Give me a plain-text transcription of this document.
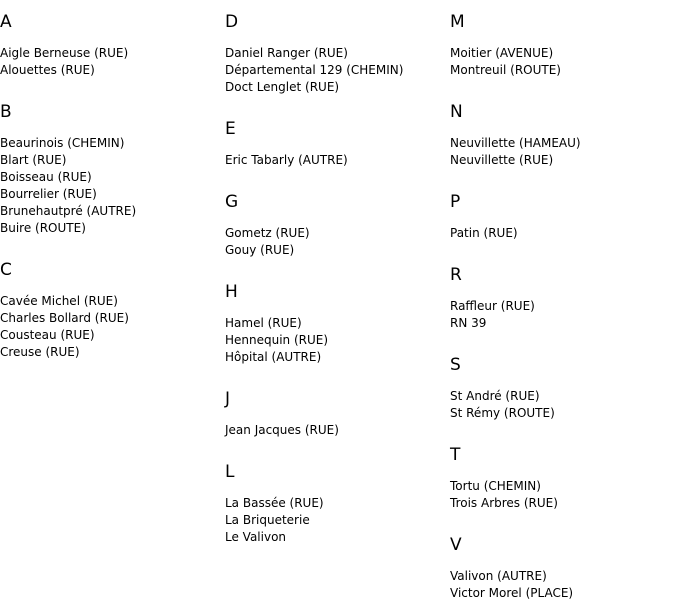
A
Aigle Berneuse (RUE)
Alouettes (RUE)
B
Beaurinois (CHEMIN)
Blart (RUE)
Boisseau (RUE)
Bourrelier (RUE)
Brunehautpré (AUTRE)
Buire (ROUTE)
C
Cavée Michel (RUE)
Charles Bollard (RUE)
Cousteau (RUE)
Creuse (RUE)
D
Daniel Ranger (RUE)
Départemental 129 (CHEMIN)
Doct Lenglet (RUE)
E
Eric Tabarly (AUTRE)
G
Gometz (RUE)
Gouy (RUE)
H
Hamel (RUE)
Hennequin (RUE)
Hôpital (AUTRE)
J
Jean Jacques (RUE)
L
La Bassée (RUE)
La Briqueterie
Le Valivon
M
Moitier (AVENUE)
Montreuil (ROUTE)
N
Neuvillette (HAMEAU)
Neuvillette (RUE)
P
Patin (RUE)
R
Raffleur (RUE)
RN 39
S
St André (RUE)
St Rémy (ROUTE)
T
Tortu (CHEMIN)
Trois Arbres (RUE)
V
Valivon (AUTRE)
Victor Morel (PLACE)
